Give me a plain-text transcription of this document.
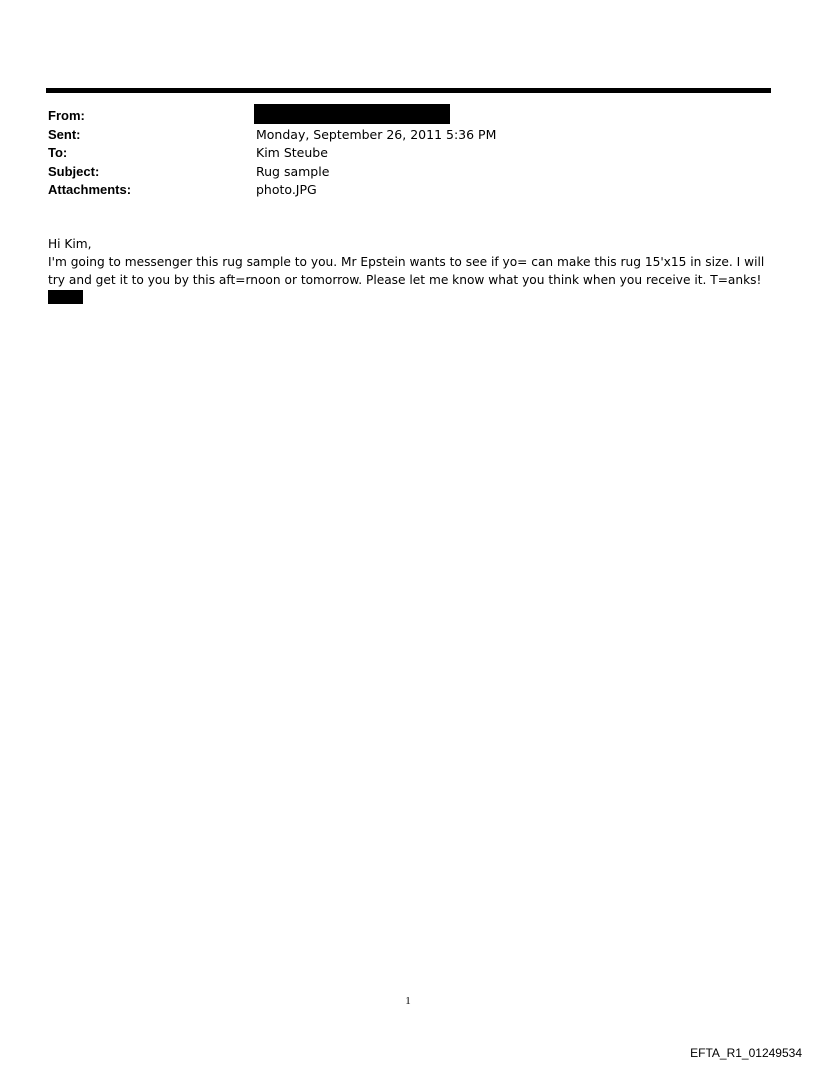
From:
Sent:	Monday, September 26, 2011 5:36 PM
To:	Kim Steube
Subject:	Rug sample
Attachments:	photo.JPG

Hi Kim,

I'm going to messenger this rug sample to you. Mr Epstein wants to see if yo= can make this rug 15'x15 in size. I will try and get it to you by this aft=rnoon or tomorrow. Please let me know what you think when you receive it. T=anks!

1
EFTA_R1_01249534
